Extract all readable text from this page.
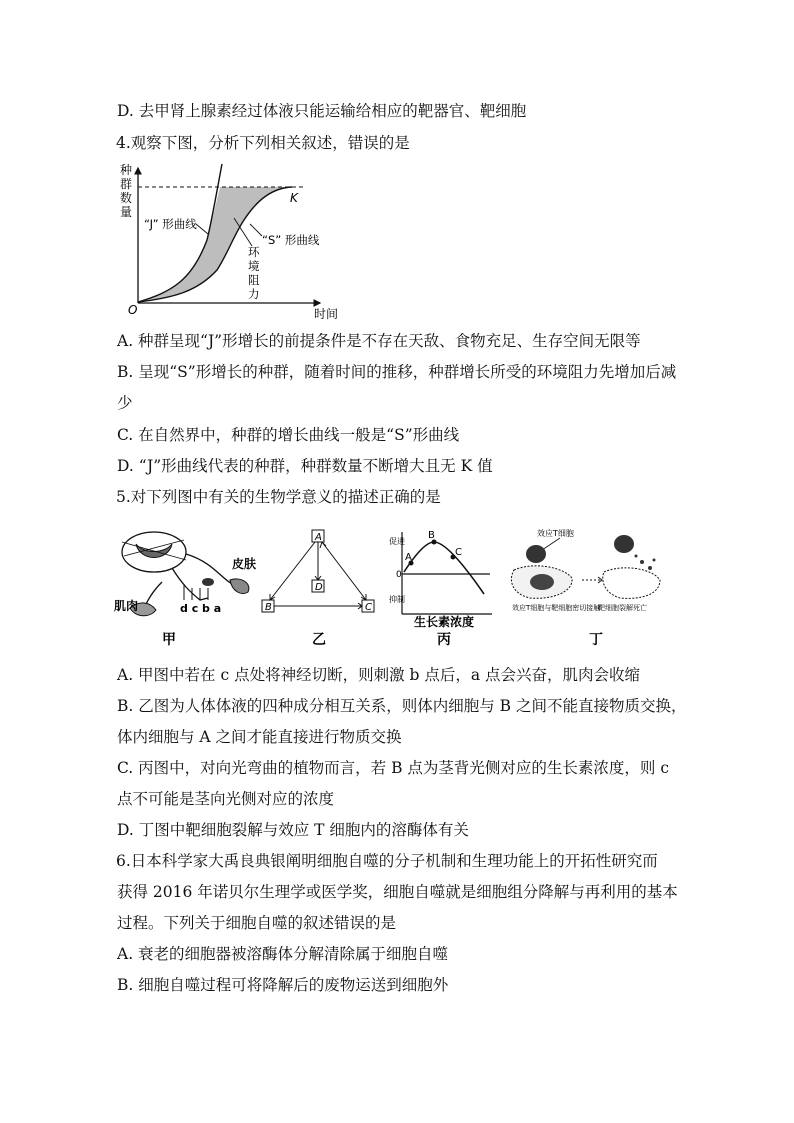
D. 去甲肾上腺素经过体液只能运输给相应的靶器官、靶细胞
4.观察下图，分析下列相关叙述，错误的是
种
群
数
量
O	时间
K
“J” 形曲线
“S” 形曲线
环
境
阻
力
A. 种群呈现“J”形增长的前提条件是不存在天敌、食物充足、生存空间无限等
B. 呈现“S”形增长的种群，随着时间的推移，种群增长所受的环境阻力先增加后减
少
C. 在自然界中，种群的增长曲线一般是“S”形曲线
D. “J”形曲线代表的种群，种群数量不断增大且无 K 值
5.对下列图中有关的生物学意义的描述正确的是
皮肤
肌肉	d c b a
甲
A
B	C
D
乙
A
B
C
0
促进
抑制
生长素浓度
丙
效应T细胞
效应T细胞与靶细胞密切接触
靶细胞裂解死亡
丁
A. 甲图中若在 c 点处将神经切断，则刺激 b 点后，a 点会兴奋，肌肉会收缩
B. 乙图为人体体液的四种成分相互关系，则体内细胞与 B 之间不能直接物质交换，
体内细胞与 A 之间才能直接进行物质交换
C. 丙图中，对向光弯曲的植物而言，若 B 点为茎背光侧对应的生长素浓度，则 c
点不可能是茎向光侧对应的浓度
D. 丁图中靶细胞裂解与效应 T 细胞内的溶酶体有关
6.日本科学家大禹良典银阐明细胞自噬的分子机制和生理功能上的开拓性研究而
获得 2016 年诺贝尔生理学或医学奖，细胞自噬就是细胞组分降解与再利用的基本
过程。下列关于细胞自噬的叙述错误的是
A. 衰老的细胞器被溶酶体分解清除属于细胞自噬
B. 细胞自噬过程可将降解后的废物运送到细胞外
